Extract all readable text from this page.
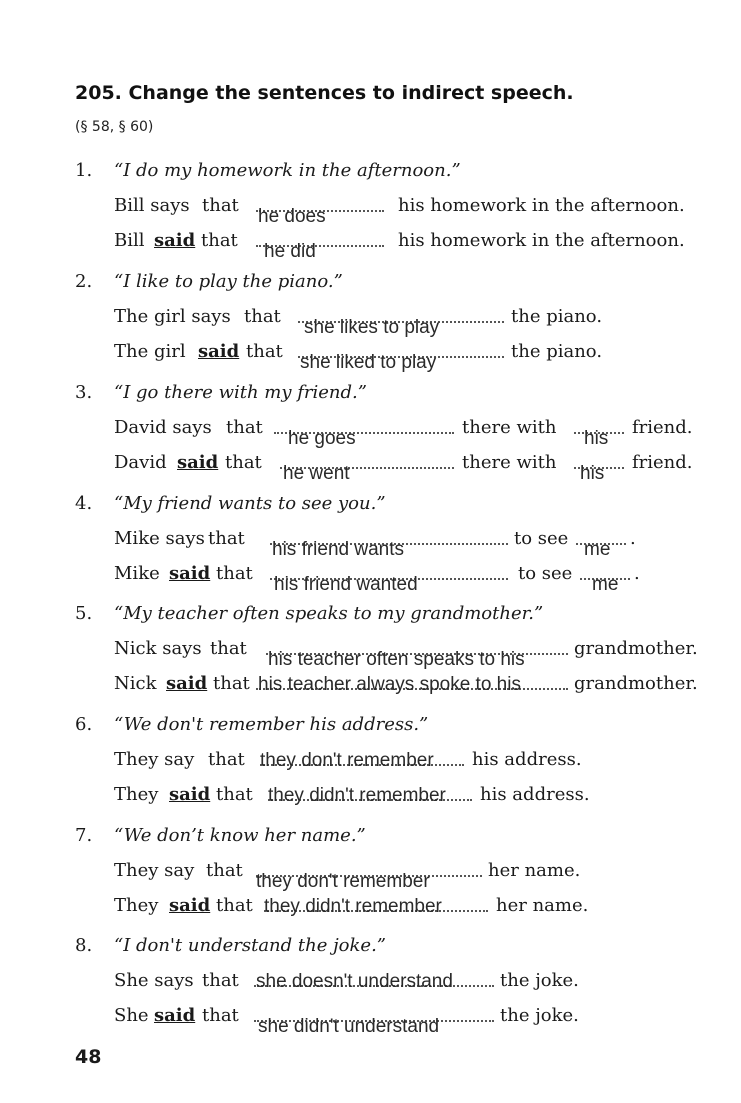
205. Change the sentences to indirect speech.
(§ 58, § 60)
1. “I do my homework in the afternoon.”
Bill says that
he does
his homework in the afternoon.
Bill said that
he did
his homework in the afternoon.
2. “I like to play the piano.”
The girl says that
she likes to play
the piano.
The girl said that
she liked to play
the piano.
3. “I go there with my friend.”
David says that
he goes
there with
his
friend.
David said that
he went
there with
his
friend.
4. “My friend wants to see you.”
Mike says that
his friend wants
to see
me
.
Mike said that
his friend wanted
to see
me
.
5. “My teacher often speaks to my grandmother.”
Nick says that
his teacher often speaks to his
grandmother.
Nick said that his teacher always spoke to his	grandmother.
6. “We don't remember his address.”
They say that they don't remember his address.
They said that they didn't remember his address.
7. “We don’t know her name.”
They say that
they don't remember
her name.
They said that they didn't remember	her name.
8. “I don't understand the joke.”
She says that she doesn't understand	the joke.
She said that
she didn't understand
the joke.
48
